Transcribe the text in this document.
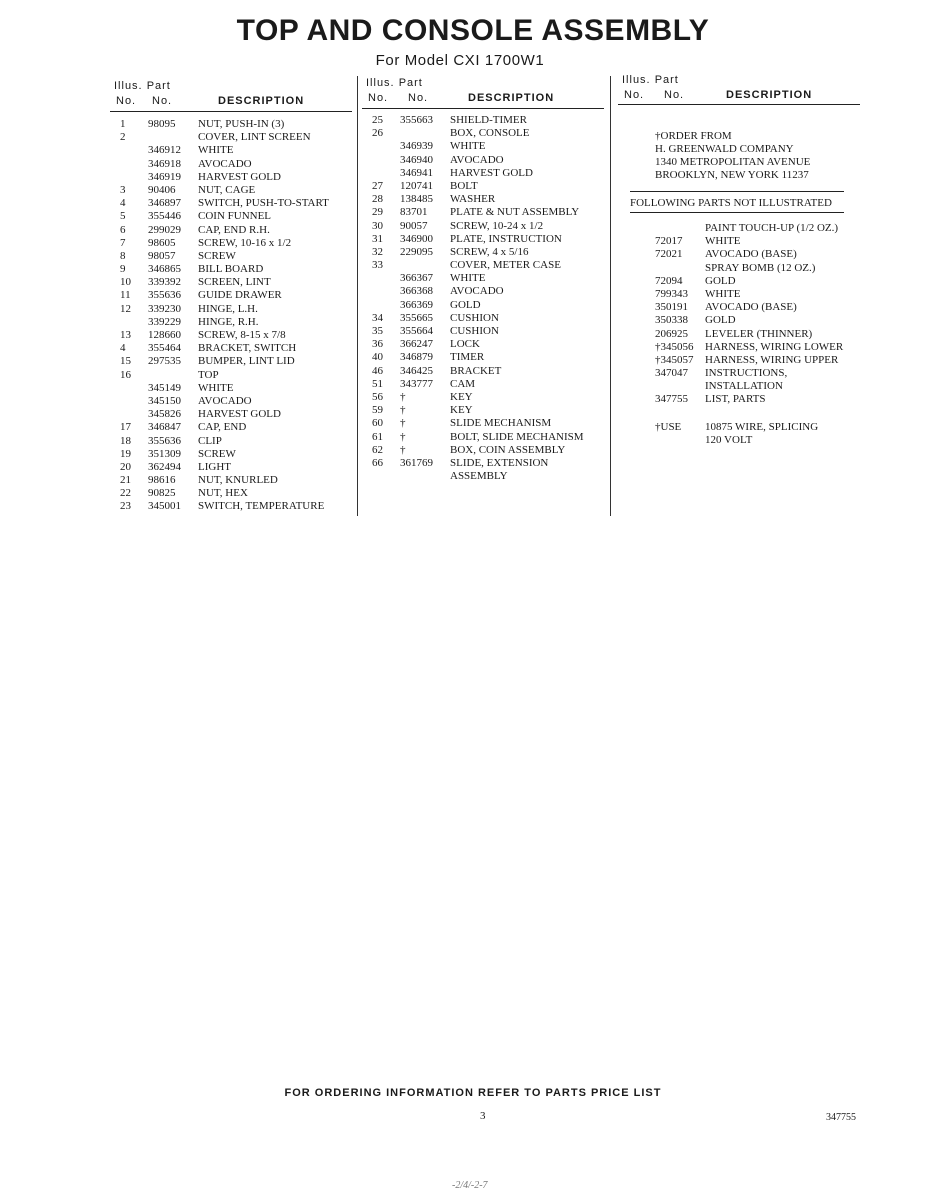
TOP AND CONSOLE ASSEMBLY
For Model CXI 1700W1
Illus. Part
No. No.	DESCRIPTION
Illus. Part
No. No.	DESCRIPTION
Illus. Part
No. No.	DESCRIPTION
1 98095 NUT, PUSH-IN (3)
2	COVER, LINT SCREEN
346912 WHITE
346918 AVOCADO
346919 HARVEST GOLD
3 90406 NUT, CAGE
4 346897 SWITCH, PUSH-TO-START
5 355446 COIN FUNNEL
6 299029 CAP, END R.H.
7 98605 SCREW, 10-16 x 1/2
8 98057 SCREW
9 346865 BILL BOARD
10 339392 SCREEN, LINT
11 355636 GUIDE DRAWER
12 339230 HINGE, L.H.
339229 HINGE, R.H.
13 128660 SCREW, 8-15 x 7/8
4 355464 BRACKET, SWITCH
15 297535 BUMPER, LINT LID
16	TOP
345149 WHITE
345150 AVOCADO
345826 HARVEST GOLD
17 346847 CAP, END
18 355636 CLIP
19 351309 SCREW
20 362494 LIGHT
21 98616 NUT, KNURLED
22 90825 NUT, HEX
23 345001 SWITCH, TEMPERATURE
25 355663 SHIELD-TIMER
26	BOX, CONSOLE
346939 WHITE
346940 AVOCADO
346941 HARVEST GOLD
27 120741 BOLT
28 138485 WASHER
29 83701 PLATE & NUT ASSEMBLY
30 90057 SCREW, 10-24 x 1/2
31 346900 PLATE, INSTRUCTION
32 229095 SCREW, 4 x 5/16
33	COVER, METER CASE
366367 WHITE
366368 AVOCADO
366369 GOLD
34 355665 CUSHION
35 355664 CUSHION
36 366247 LOCK
40 346879 TIMER
46 346425 BRACKET
51 343777 CAM
56 †	KEY
59 †	KEY
60 †	SLIDE MECHANISM
61 †	BOLT, SLIDE MECHANISM
62 †	BOX, COIN ASSEMBLY
66 361769 SLIDE, EXTENSION
ASSEMBLY
†ORDER FROM
H. GREENWALD COMPANY
1340 METROPOLITAN AVENUE
BROOKLYN, NEW YORK 11237
FOLLOWING PARTS NOT ILLUSTRATED
PAINT TOUCH-UP (1/2 OZ.)
72017 WHITE
72021 AVOCADO (BASE)
SPRAY BOMB (12 OZ.)
72094 GOLD
799343 WHITE
350191 AVOCADO (BASE)
350338 GOLD
206925 LEVELER (THINNER)
†345056 HARNESS, WIRING LOWER
†345057 HARNESS, WIRING UPPER
347047 INSTRUCTIONS,
INSTALLATION
347755 LIST, PARTS
†USE 10875 WIRE, SPLICING
120 VOLT
FOR ORDERING INFORMATION REFER TO PARTS PRICE LIST
3	347755
-2/4/-2-7
